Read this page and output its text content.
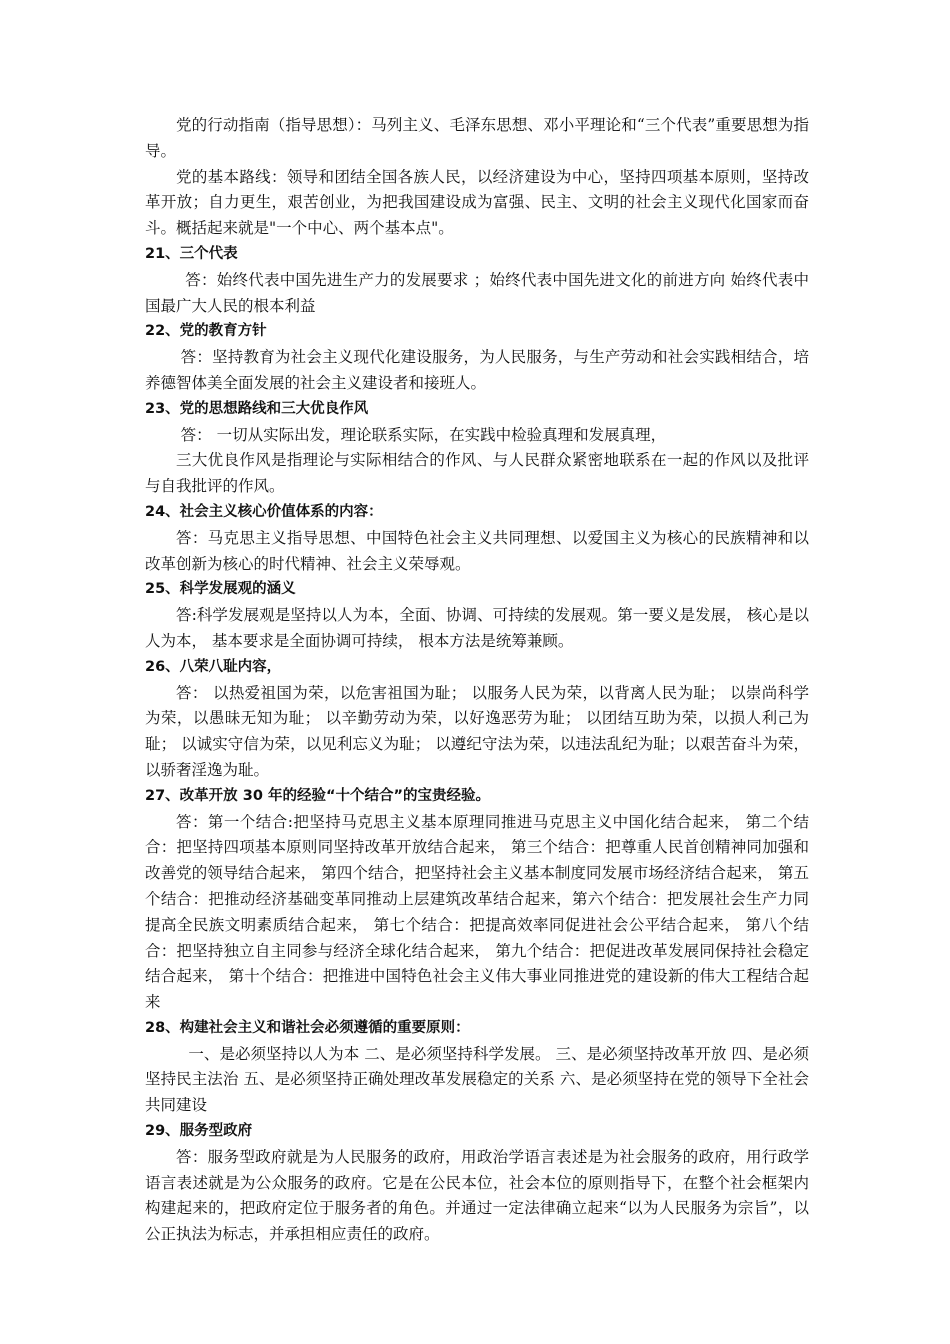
党的行动指南（指导思想）：马列主义、毛泽东思想、邓小平理论和“三个代表”重要思想为指导。

党的基本路线：领导和团结全国各族人民，以经济建设为中心，坚持四项基本原则，坚持改革开放；自力更生，艰苦创业，为把我国建设成为富强、民主、文明的社会主义现代化国家而奋斗。概括起来就是"一个中心、两个基本点"。

21、三个代表

答：始终代表中国先进生产力的发展要求 ；始终代表中国先进文化的前进方向 始终代表中国最广大人民的根本利益

22、党的教育方针

答：坚持教育为社会主义现代化建设服务，为人民服务，与生产劳动和社会实践相结合，培养德智体美全面发展的社会主义建设者和接班人。

23、党的思想路线和三大优良作风

答： 一切从实际出发，理论联系实际，在实践中检验真理和发展真理，

三大优良作风是指理论与实际相结合的作风、与人民群众紧密地联系在一起的作风以及批评与自我批评的作风。

24、社会主义核心价值体系的内容：

答：马克思主义指导思想、中国特色社会主义共同理想、以爱国主义为核心的民族精神和以改革创新为核心的时代精神、社会主义荣辱观。

25、科学发展观的涵义

答:科学发展观是坚持以人为本，全面、协调、可持续的发展观。第一要义是发展， 核心是以人为本， 基本要求是全面协调可持续， 根本方法是统筹兼顾。

26、八荣八耻内容，

答： 以热爱祖国为荣，以危害祖国为耻； 以服务人民为荣，以背离人民为耻； 以崇尚科学为荣，以愚昧无知为耻； 以辛勤劳动为荣，以好逸恶劳为耻； 以团结互助为荣，以损人利己为耻； 以诚实守信为荣，以见利忘义为耻； 以遵纪守法为荣，以违法乱纪为耻；以艰苦奋斗为荣，以骄奢淫逸为耻。

27、改革开放 30 年的经验“十个结合”的宝贵经验。

答：第一个结合:把坚持马克思主义基本原理同推进马克思主义中国化结合起来， 第二个结合：把坚持四项基本原则同坚持改革开放结合起来， 第三个结合：把尊重人民首创精神同加强和改善党的领导结合起来， 第四个结合，把坚持社会主义基本制度同发展市场经济结合起来， 第五个结合：把推动经济基础变革同推动上层建筑改革结合起来，第六个结合：把发展社会生产力同提高全民族文明素质结合起来， 第七个结合：把提高效率同促进社会公平结合起来， 第八个结合：把坚持独立自主同参与经济全球化结合起来， 第九个结合：把促进改革发展同保持社会稳定结合起来， 第十个结合：把推进中国特色社会主义伟大事业同推进党的建设新的伟大工程结合起来

28、构建社会主义和谐社会必须遵循的重要原则：

一、是必须坚持以人为本 二、是必须坚持科学发展。 三、是必须坚持改革开放 四、是必须坚持民主法治 五、是必须坚持正确处理改革发展稳定的关系 六、是必须坚持在党的领导下全社会共同建设

29、服务型政府

答：服务型政府就是为人民服务的政府，用政治学语言表述是为社会服务的政府，用行政学语言表述就是为公众服务的政府。它是在公民本位，社会本位的原则指导下，在整个社会框架内构建起来的，把政府定位于服务者的角色。并通过一定法律确立起来“以为人民服务为宗旨”，以公正执法为标志，并承担相应责任的政府。
